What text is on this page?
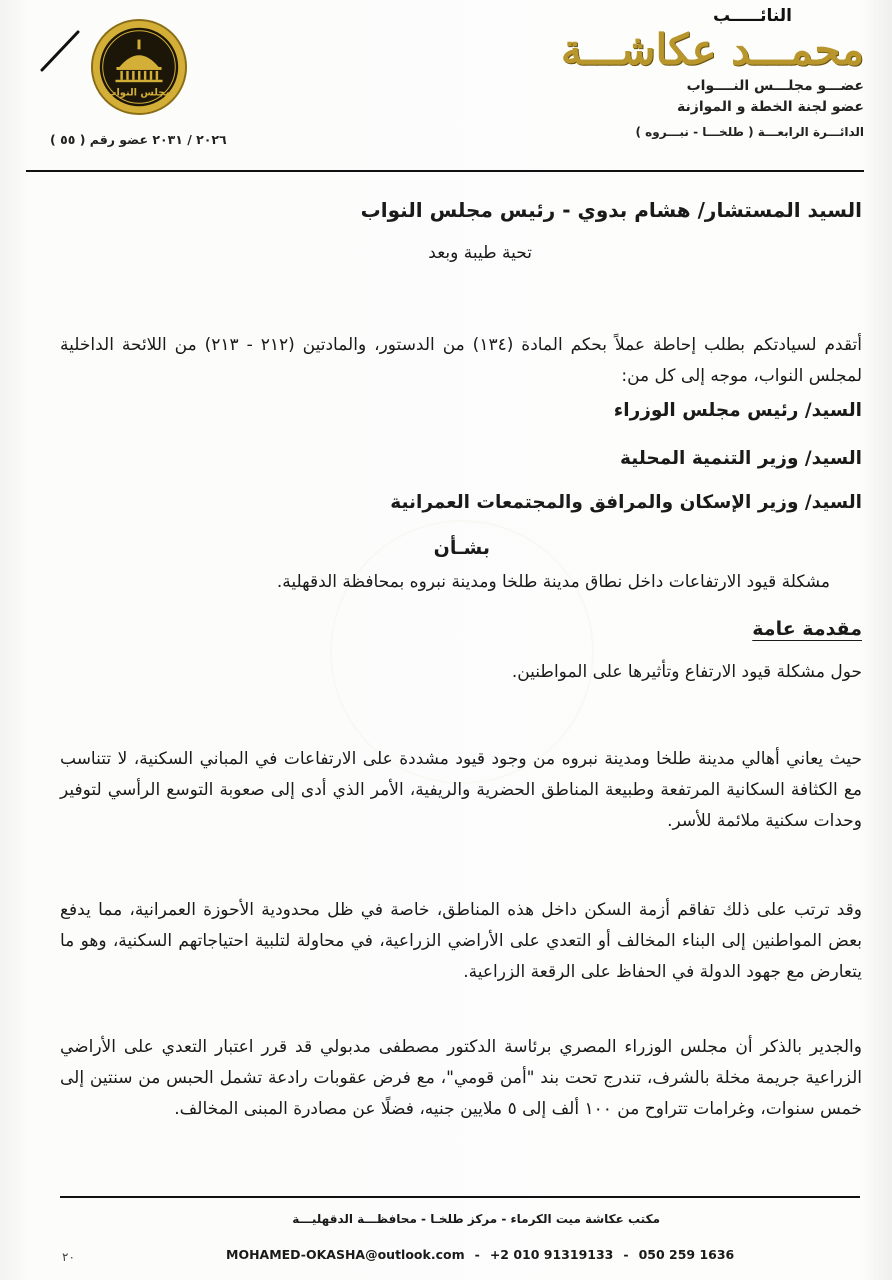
مجلس النواب
٢٠٢٦ / ٢٠٣١ عضو رقم ( ٥٥ )
النائـــــب
محمـــد عكاشـــة
عضـــو مجلـــس النــــواب
عضو لجنة الخطة و الموازنة
الدائـــرة الرابعـــة ( طلخـــا - نبـــروه )
السيد المستشار/ هشام بدوي - رئيس مجلس النواب
تحية طيبة وبعد
أتقدم لسيادتكم بطلب إحاطة عملاً بحكم المادة (١٣٤) من الدستور، والمادتين (٢١٢ - ٢١٣) من اللائحة الداخلية لمجلس النواب، موجه إلى كل من:
السيد/ رئيس مجلس الوزراء
السيد/ وزير التنمية المحلية
السيد/ وزير الإسكان والمرافق والمجتمعات العمرانية
بشـأن
مشكلة قيود الارتفاعات داخل نطاق مدينة طلخا ومدينة نبروه بمحافظة الدقهلية.
مقدمة عامة
حول مشكلة قيود الارتفاع وتأثيرها على المواطنين.
حيث يعاني أهالي مدينة طلخا ومدينة نبروه من وجود قيود مشددة على الارتفاعات في المباني السكنية، لا تتناسب مع الكثافة السكانية المرتفعة وطبيعة المناطق الحضرية والريفية، الأمر الذي أدى إلى صعوبة التوسع الرأسي لتوفير وحدات سكنية ملائمة للأسر.
وقد ترتب على ذلك تفاقم أزمة السكن داخل هذه المناطق، خاصة في ظل محدودية الأحوزة العمرانية، مما يدفع بعض المواطنين إلى البناء المخالف أو التعدي على الأراضي الزراعية، في محاولة لتلبية احتياجاتهم السكنية، وهو ما يتعارض مع جهود الدولة في الحفاظ على الرقعة الزراعية.
والجدير بالذكر أن مجلس الوزراء المصري برئاسة الدكتور مصطفى مدبولي قد قرر اعتبار التعدي على الأراضي الزراعية جريمة مخلة بالشرف، تندرج تحت بند "أمن قومي"، مع فرض عقوبات رادعة تشمل الحبس من سنتين إلى خمس سنوات، وغرامات تتراوح من ١٠٠ ألف إلى ٥ ملايين جنيه، فضلًا عن مصادرة المبنى المخالف.
مكتب عكاشة ميت الكرماء - مركز طلخـا - محافظـــة الدقهليـــة
MOHAMED-OKASHA@outlook.com - +2 010 91319133 - 050 259 1636
٢٠
